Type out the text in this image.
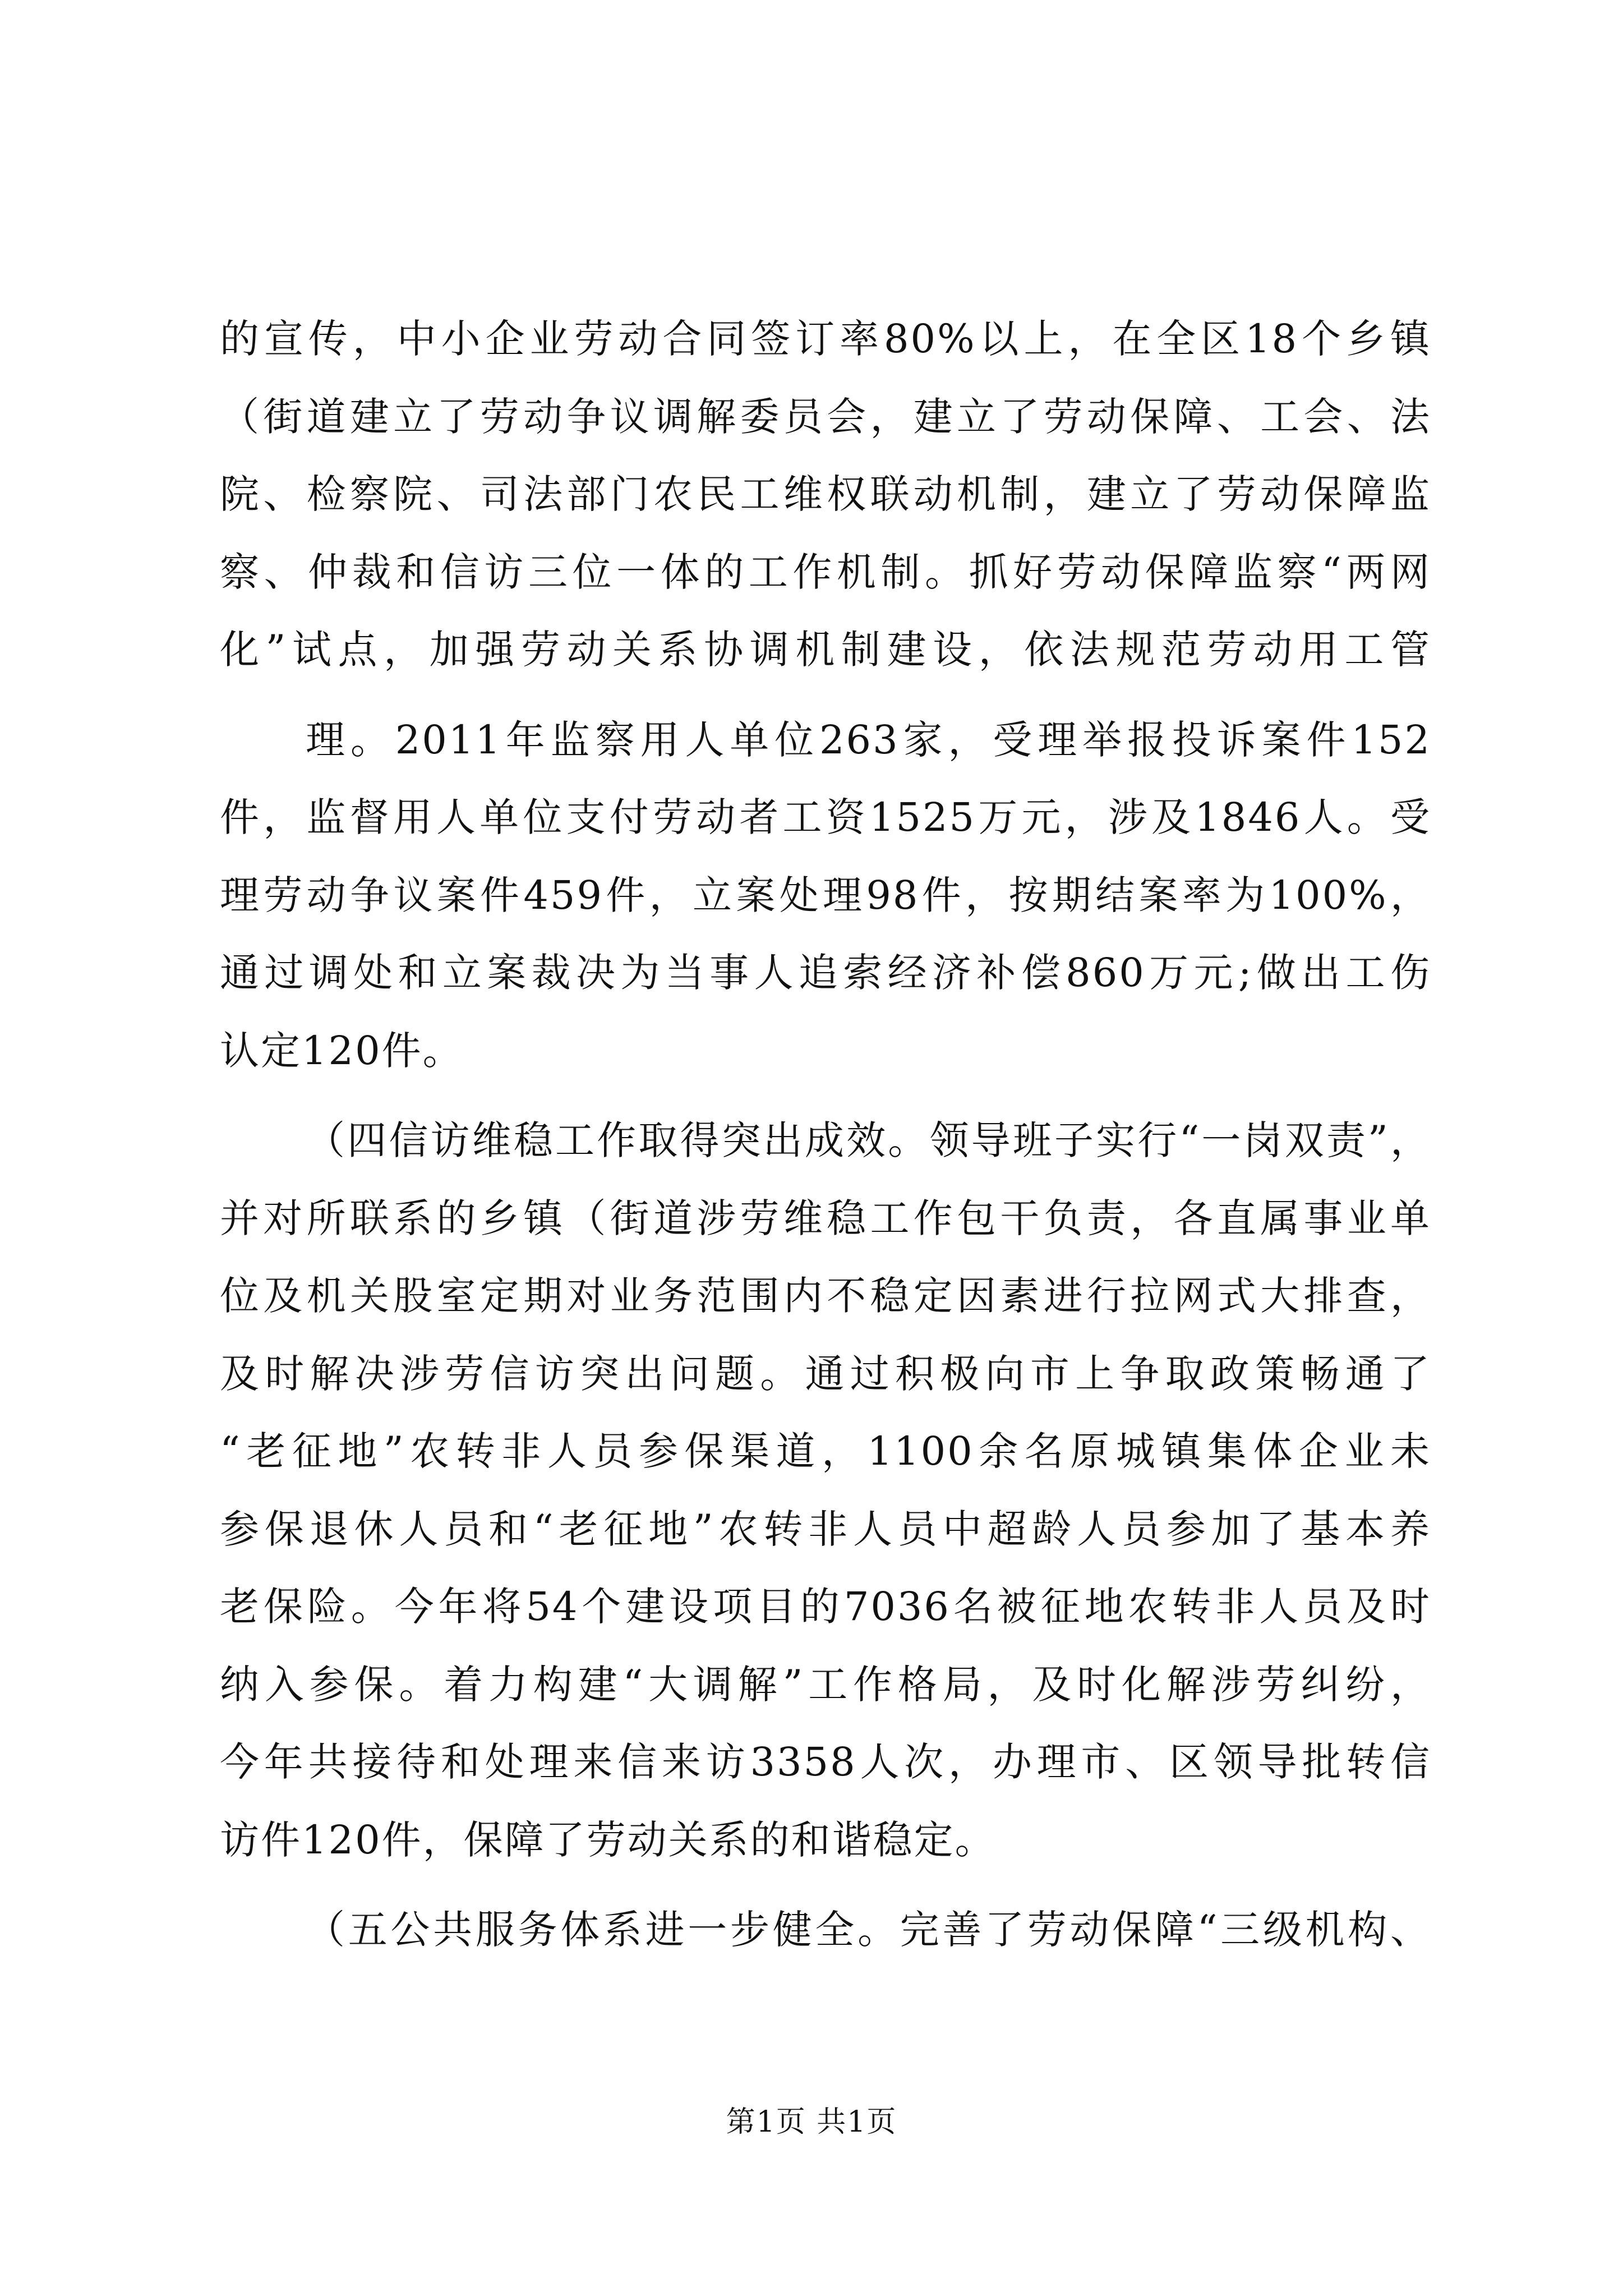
的宣传，中小企业劳动合同签订率80%以上，在全区18个乡镇
（街道建立了劳动争议调解委员会，建立了劳动保障、工会、法
院、检察院、司法部门农民工维权联动机制，建立了劳动保障监
察、仲裁和信访三位一体的工作机制。抓好劳动保障监察“两网
化”试点，加强劳动关系协调机制建设，依法规范劳动用工管
理。2011年监察用人单位263家，受理举报投诉案件152
件，监督用人单位支付劳动者工资1525万元，涉及1846人。受
理劳动争议案件459件，立案处理98件，按期结案率为100%，
通过调处和立案裁决为当事人追索经济补偿860万元;做出工伤
认定120件。
（四信访维稳工作取得突出成效。领导班子实行“一岗双责”，
并对所联系的乡镇（街道涉劳维稳工作包干负责，各直属事业单
位及机关股室定期对业务范围内不稳定因素进行拉网式大排查，
及时解决涉劳信访突出问题。通过积极向市上争取政策畅通了
“老征地”农转非人员参保渠道，1100余名原城镇集体企业未
参保退休人员和“老征地”农转非人员中超龄人员参加了基本养
老保险。今年将54个建设项目的7036名被征地农转非人员及时
纳入参保。着力构建“大调解”工作格局，及时化解涉劳纠纷，
今年共接待和处理来信来访3358人次，办理市、区领导批转信
访件120件，保障了劳动关系的和谐稳定。
（五公共服务体系进一步健全。完善了劳动保障“三级机构、
第1页 共1页
